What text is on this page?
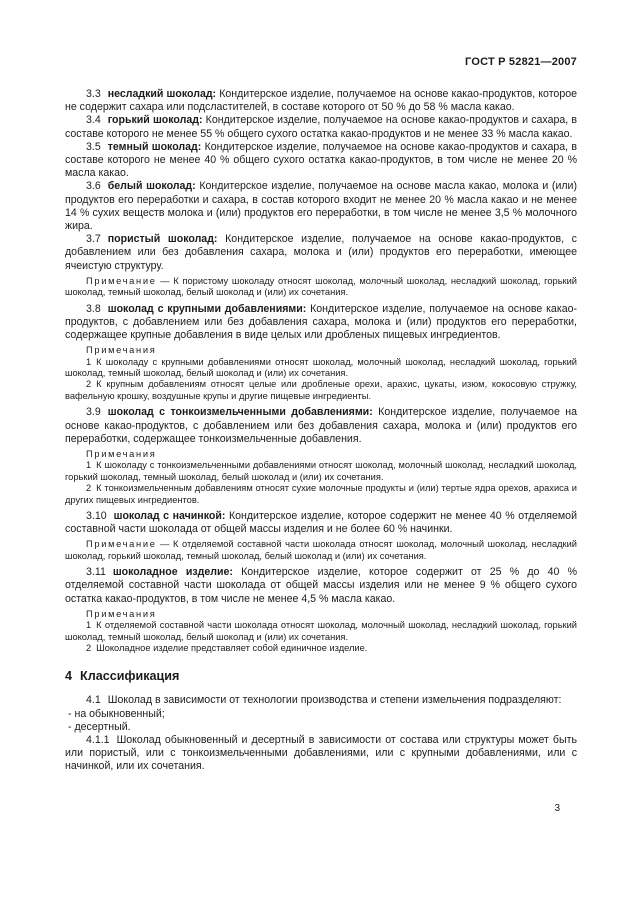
ГОСТ Р 52821—2007
3.3 несладкий шоколад: Кондитерское изделие, получаемое на основе какао-продуктов, которое не содержит сахара или подсластителей, в составе которого от 50 % до 58 % масла какао.
3.4 горький шоколад: Кондитерское изделие, получаемое на основе какао-продуктов и сахара, в составе которого не менее 55 % общего сухого остатка какао-продуктов и не менее 33 % масла какао.
3.5 темный шоколад: Кондитерское изделие, получаемое на основе какао-продуктов и сахара, в составе которого не менее 40 % общего сухого остатка какао-продуктов, в том числе не менее 20 % масла какао.
3.6 белый шоколад: Кондитерское изделие, получаемое на основе масла какао, молока и (или) продуктов его переработки и сахара, в состав которого входит не менее 20 % масла какао и не менее 14 % сухих веществ молока и (или) продуктов его переработки, в том числе не менее 3,5 % молочного жира.
3.7 пористый шоколад: Кондитерское изделие, получаемое на основе какао-продуктов, с добавлением или без добавления сахара, молока и (или) продуктов его переработки, имеющее ячеистую структуру.
Примечание — К пористому шоколаду относят шоколад, молочный шоколад, несладкий шоколад, горький шоколад, темный шоколад, белый шоколад и (или) их сочетания.
3.8 шоколад с крупными добавлениями: Кондитерское изделие, получаемое на основе какао-продуктов, с добавлением или без добавления сахара, молока и (или) продуктов его переработки, содержащее крупные добавления в виде целых или дробленых пищевых ингредиентов.
Примечания
1 К шоколаду с крупными добавлениями относят шоколад, молочный шоколад, несладкий шоколад, горький шоколад, темный шоколад, белый шоколад и (или) их сочетания.
2 К крупным добавлениям относят целые или дробленые орехи, арахис, цукаты, изюм, кокосовую стружку, вафельную крошку, воздушные крупы и другие пищевые ингредиенты.
3.9 шоколад с тонкоизмельченными добавлениями: Кондитерское изделие, получаемое на основе какао-продуктов, с добавлением или без добавления сахара, молока и (или) продуктов его переработки, содержащее тонкоизмельченные добавления.
Примечания
1 К шоколаду с тонкоизмельченными добавлениями относят шоколад, молочный шоколад, несладкий шоколад, горький шоколад, темный шоколад, белый шоколад и (или) их сочетания.
2 К тонкоизмельченным добавлениям относят сухие молочные продукты и (или) тертые ядра орехов, арахиса и других пищевых ингредиентов.
3.10 шоколад с начинкой: Кондитерское изделие, которое содержит не менее 40 % отделяемой составной части шоколада от общей массы изделия и не более 60 % начинки.
Примечание — К отделяемой составной части шоколада относят шоколад, молочный шоколад, несладкий шоколад, горький шоколад, темный шоколад, белый шоколад и (или) их сочетания.
3.11 шоколадное изделие: Кондитерское изделие, которое содержит от 25 % до 40 % отделяемой составной части шоколада от общей массы изделия или не менее 9 % общего сухого остатка какао-продуктов, в том числе не менее 4,5 % масла какао.
Примечания
1 К отделяемой составной части шоколада относят шоколад, молочный шоколад, несладкий шоколад, горький шоколад, темный шоколад, белый шоколад и (или) их сочетания.
2 Шоколадное изделие представляет собой единичное изделие.
4 Классификация
4.1 Шоколад в зависимости от технологии производства и степени измельчения подразделяют:
- на обыкновенный;
- десертный.
4.1.1 Шоколад обыкновенный и десертный в зависимости от состава или структуры может быть или пористый, или с тонкоизмельченными добавлениями, или с крупными добавлениями, или с начинкой, или их сочетания.
3
